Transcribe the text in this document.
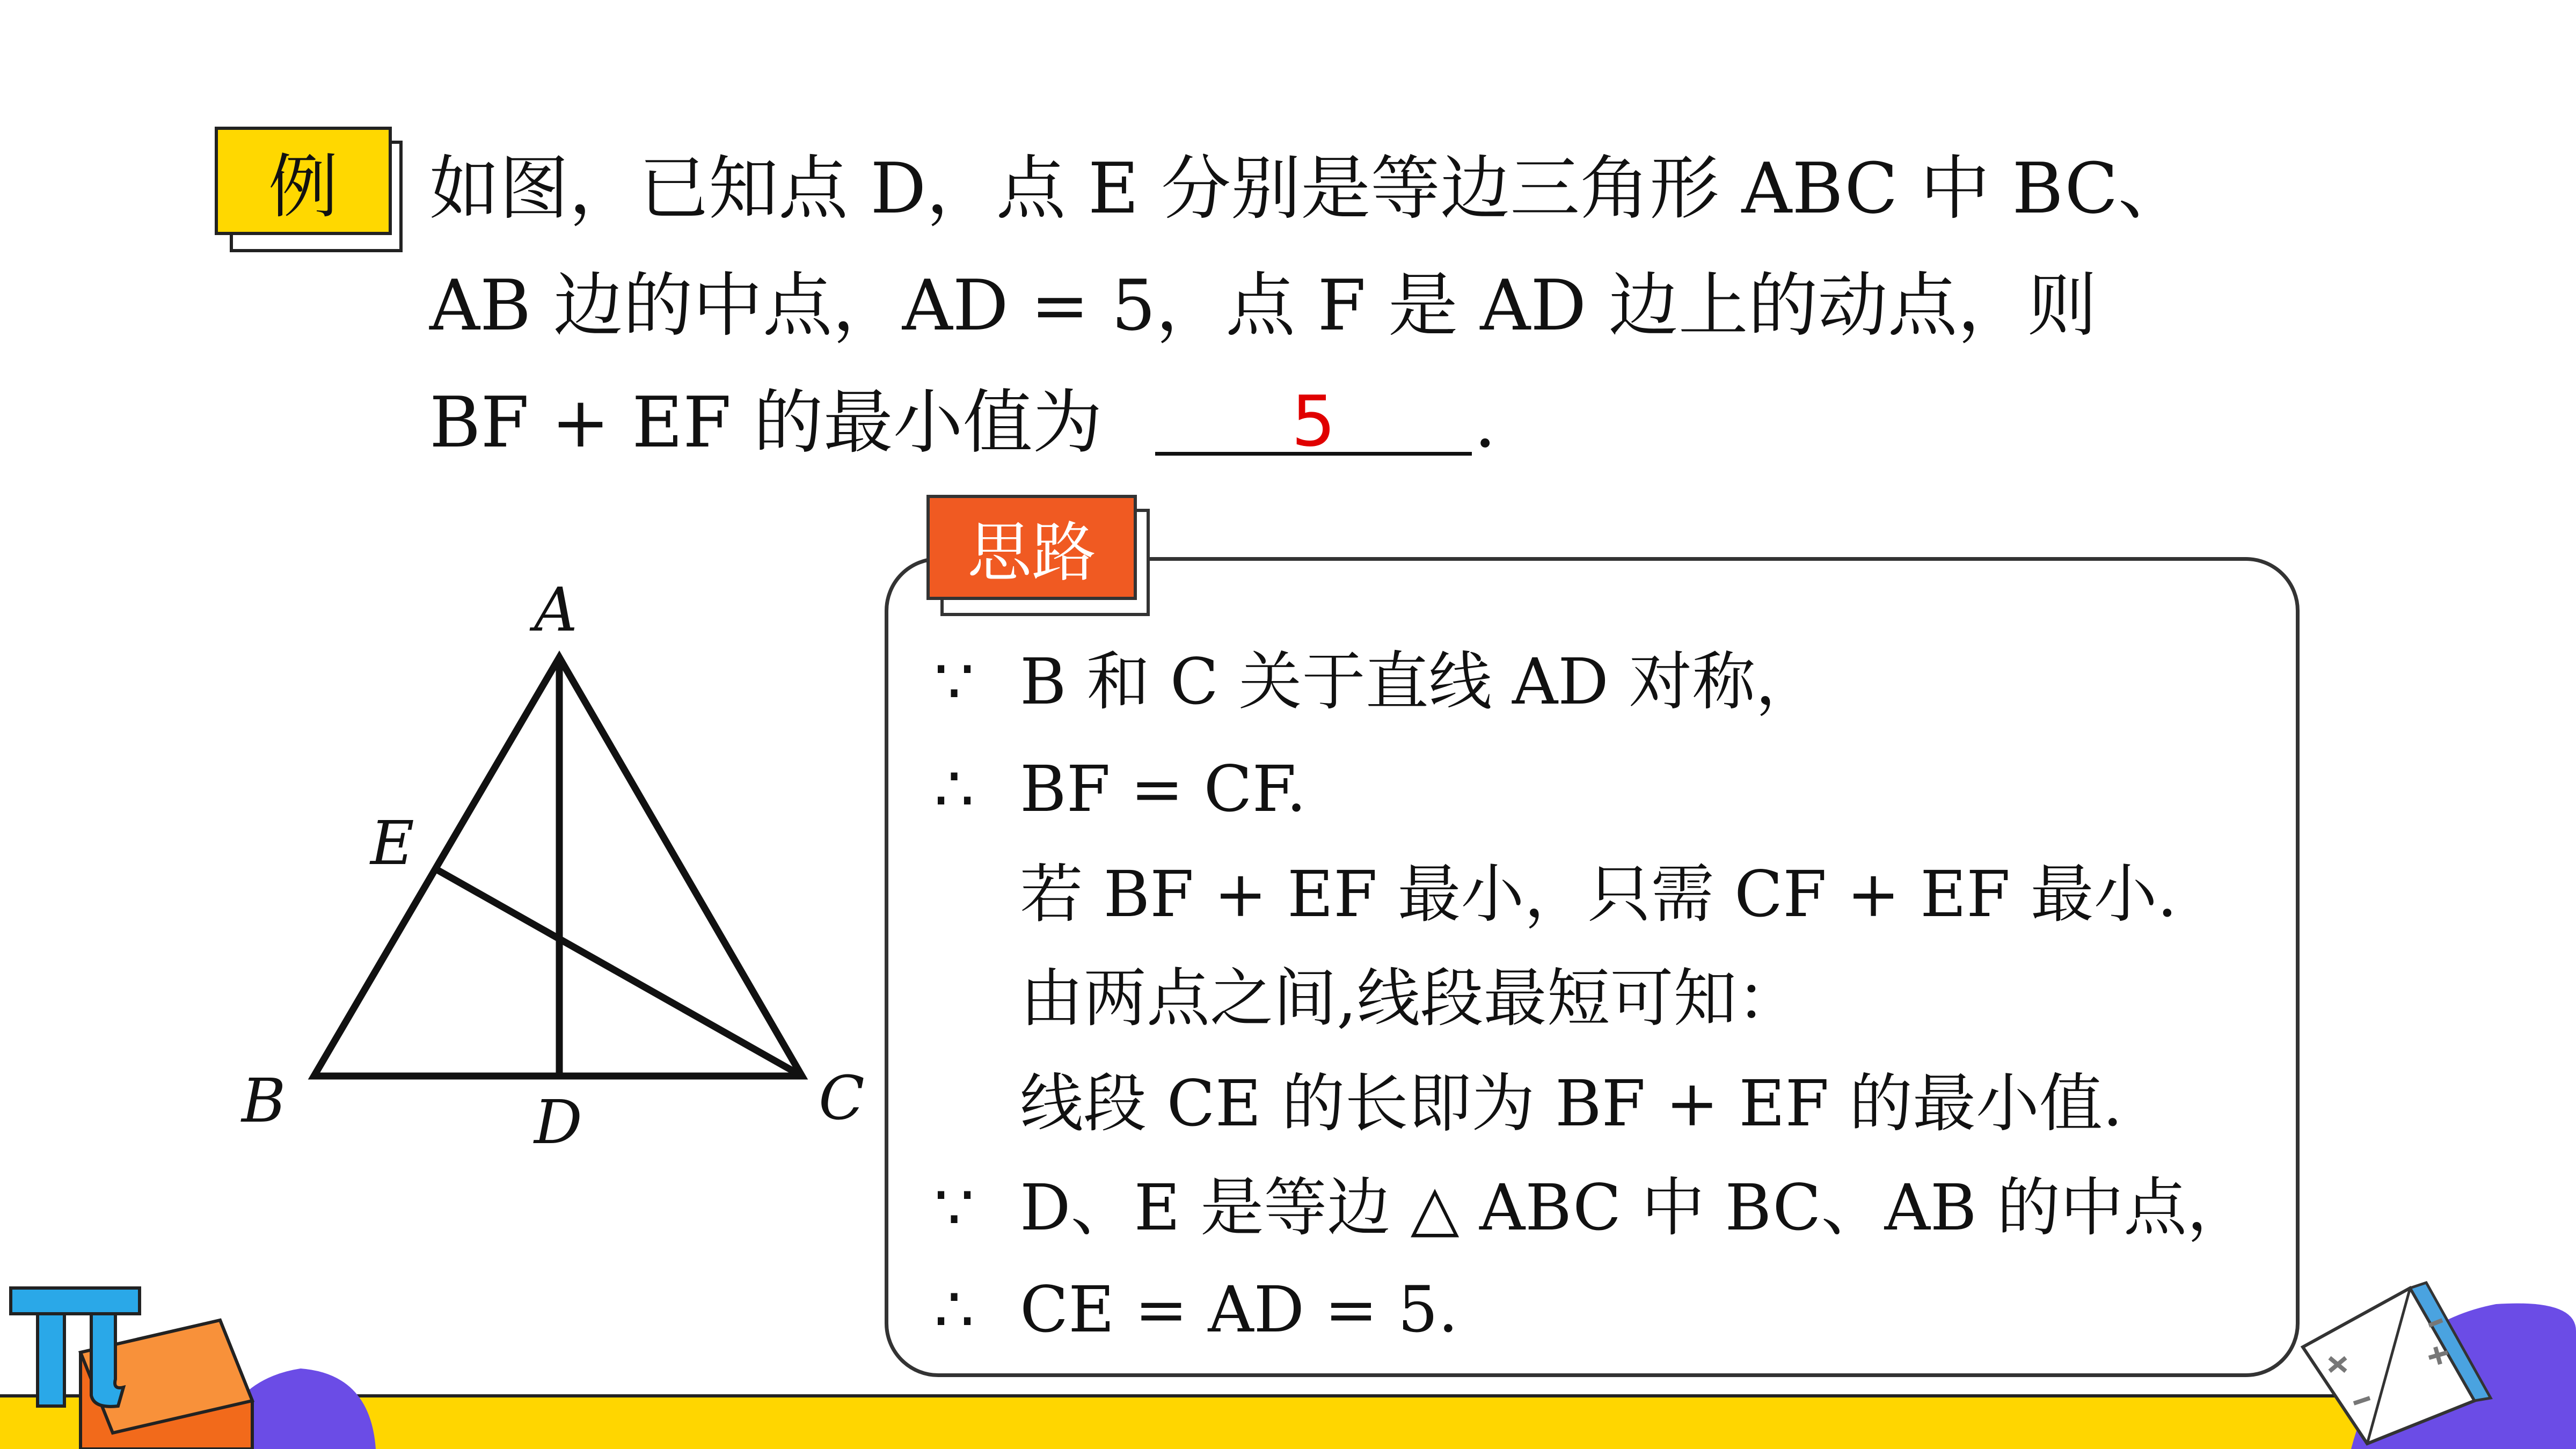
例 如图，已知点 D，点 E 分别是等边三角形 ABC 中 BC、
AB 边的中点，AD = 5，点 F 是 AD 边上的动点，则
BF + EF 的最小值为	5	.
A
E
B	D	C
思路
∵ B 和 C 关于直线 AD 对称，
∴ BF = CF.
若 BF + EF 最小，只需 CF + EF 最小.
由两点之间,线段最短可知：
线段 CE 的长即为 BF + EF 的最小值.
∵ D、E 是等边 △ ABC 中 BC、AB 的中点，
∴ CE = AD = 5.
